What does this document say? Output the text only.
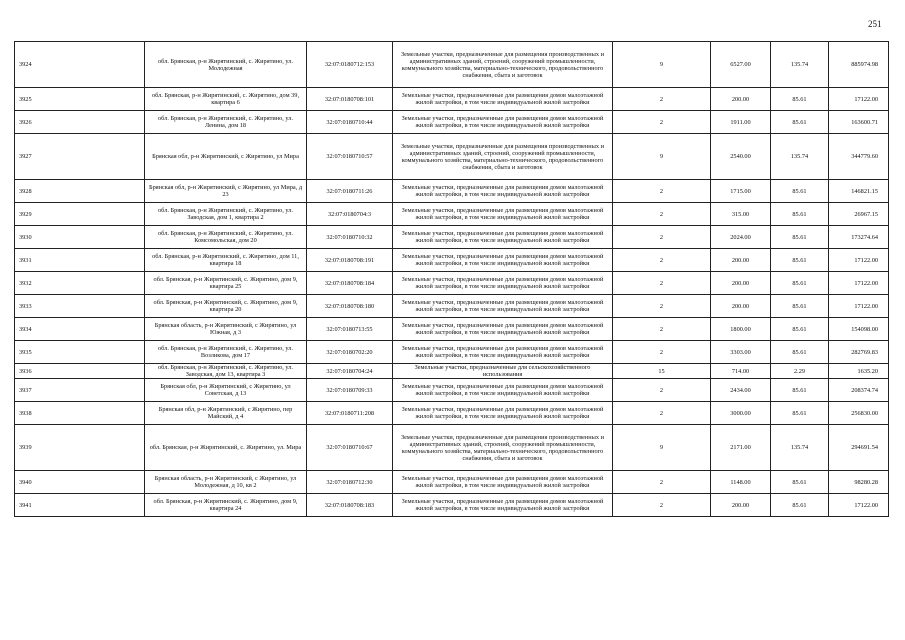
251
3924	обл. Брянская, р-н Жирятинский, с. Жирятино, ул. Молодежная	32:07:0180712:153	Земельные участки, предназначенные для размещения производственных и административных зданий, строений, сооружений промышленности, коммунального хозяйства, материально-технического, продовольственного снабжения, сбыта и заготовок	9	6527.00	135.74	885974.98
3925	обл. Брянская, р-н Жирятинский, с. Жирятино, дом 39, квартира 6	32:07:0180708:101	Земельные участки, предназначенные для размещения домов малоэтажной жилой застройки, в том числе индивидуальной жилой застройки	2	200.00	85.61	17122.00
3926	обл. Брянская, р-н Жирятинский, с. Жирятино, ул. Ленина, дом 18	32:07:0180710:44	Земельные участки, предназначенные для размещения домов малоэтажной жилой застройки, в том числе индивидуальной жилой застройки	2	1911.00	85.61	163600.71
3927	Брянская обл, р-н Жирятинский, с Жирятино, ул Мира	32:07:0180710:57	Земельные участки, предназначенные для размещения производственных и административных зданий, строений, сооружений промышленности, коммунального хозяйства, материально-технического, продовольственного снабжения, сбыта и заготовок	9	2540.00	135.74	344779.60
3928	Брянская обл, р-н Жирятинский, с Жирятино, ул Мира, д 23	32:07:0180711:26	Земельные участки, предназначенные для размещения домов малоэтажной жилой застройки, в том числе индивидуальной жилой застройки	2	1715.00	85.61	146821.15
3929	обл. Брянская, р-н Жирятинский, с. Жирятино, ул. Заводская, дом 1, квартира 2	32:07:0180704:3	Земельные участки, предназначенные для размещения домов малоэтажной жилой застройки, в том числе индивидуальной жилой застройки	2	315.00	85.61	26967.15
3930	обл. Брянская, р-н Жирятинский, с. Жирятино, ул. Комсомольская, дом 20	32:07:0180710:32	Земельные участки, предназначенные для размещения домов малоэтажной жилой застройки, в том числе индивидуальной жилой застройки	2	2024.00	85.61	173274.64
3931	обл. Брянская, р-н Жирятинский, с. Жирятино, дом 11, квартира 18	32:07:0180708:191	Земельные участки, предназначенные для размещения домов малоэтажной жилой застройки, в том числе индивидуальной жилой застройки	2	200.00	85.61	17122.00
3932	обл. Брянская, р-н Жирятинский, с. Жирятино, дом 9, квартира 25	32:07:0180708:184	Земельные участки, предназначенные для размещения домов малоэтажной жилой застройки, в том числе индивидуальной жилой застройки	2	200.00	85.61	17122.00
3933	обл. Брянская, р-н Жирятинский, с. Жирятино, дом 9, квартира 20	32:07:0180708:180	Земельные участки, предназначенные для размещения домов малоэтажной жилой застройки, в том числе индивидуальной жилой застройки	2	200.00	85.61	17122.00
3934	Брянская область, р-н Жирятинский, с Жирятино, ул Южная, д 3	32:07:0180713:55	Земельные участки, предназначенные для размещения домов малоэтажной жилой застройки, в том числе индивидуальной жилой застройки	2	1800.00	85.61	154098.00
3935	обл. Брянская, р-н Жирятинский, с. Жирятино, ул. Возликова, дом 17	32:07:0180702:20	Земельные участки, предназначенные для размещения домов малоэтажной жилой застройки, в том числе индивидуальной жилой застройки	2	3303.00	85.61	282769.83
3936	обл. Брянская, р-н Жирятинский, с. Жирятино, ул. Заводская, дом 13, квартира 3	32:07:0180704:24	Земельные участки, предназначенные для сельскохозяйственного использования	15	714.00	2.29	1635.20
3937	Брянская обл, р-н Жирятинский, с Жирятино, ул Советская, д 13	32:07:0180709:33	Земельные участки, предназначенные для размещения домов малоэтажной жилой застройки, в том числе индивидуальной жилой застройки	2	2434.00	85.61	208374.74
3938	Брянская обл, р-н Жирятинский, с Жирятино, пер Майский, д 4	32:07:0180711:208	Земельные участки, предназначенные для размещения домов малоэтажной жилой застройки, в том числе индивидуальной жилой застройки	2	3000.00	85.61	256830.00
3939	обл. Брянская, р-н Жирятинский, с. Жирятино, ул. Мира	32:07:0180710:67	Земельные участки, предназначенные для размещения производственных и административных зданий, строений, сооружений промышленности, коммунального хозяйства, материально-технического, продовольственного снабжения, сбыта и заготовок	9	2171.00	135.74	294691.54
3940	Брянская область, р-н Жирятинский, с Жирятино, ул Молодежная, д 10, кв 2	32:07:0180712:30	Земельные участки, предназначенные для размещения домов малоэтажной жилой застройки, в том числе индивидуальной жилой застройки	2	1148.00	85.61	98280.28
3941	обл. Брянская, р-н Жирятинский, с. Жирятино, дом 9, квартира 24	32:07:0180708:183	Земельные участки, предназначенные для размещения домов малоэтажной жилой застройки, в том числе индивидуальной жилой застройки	2	200.00	85.61	17122.00
